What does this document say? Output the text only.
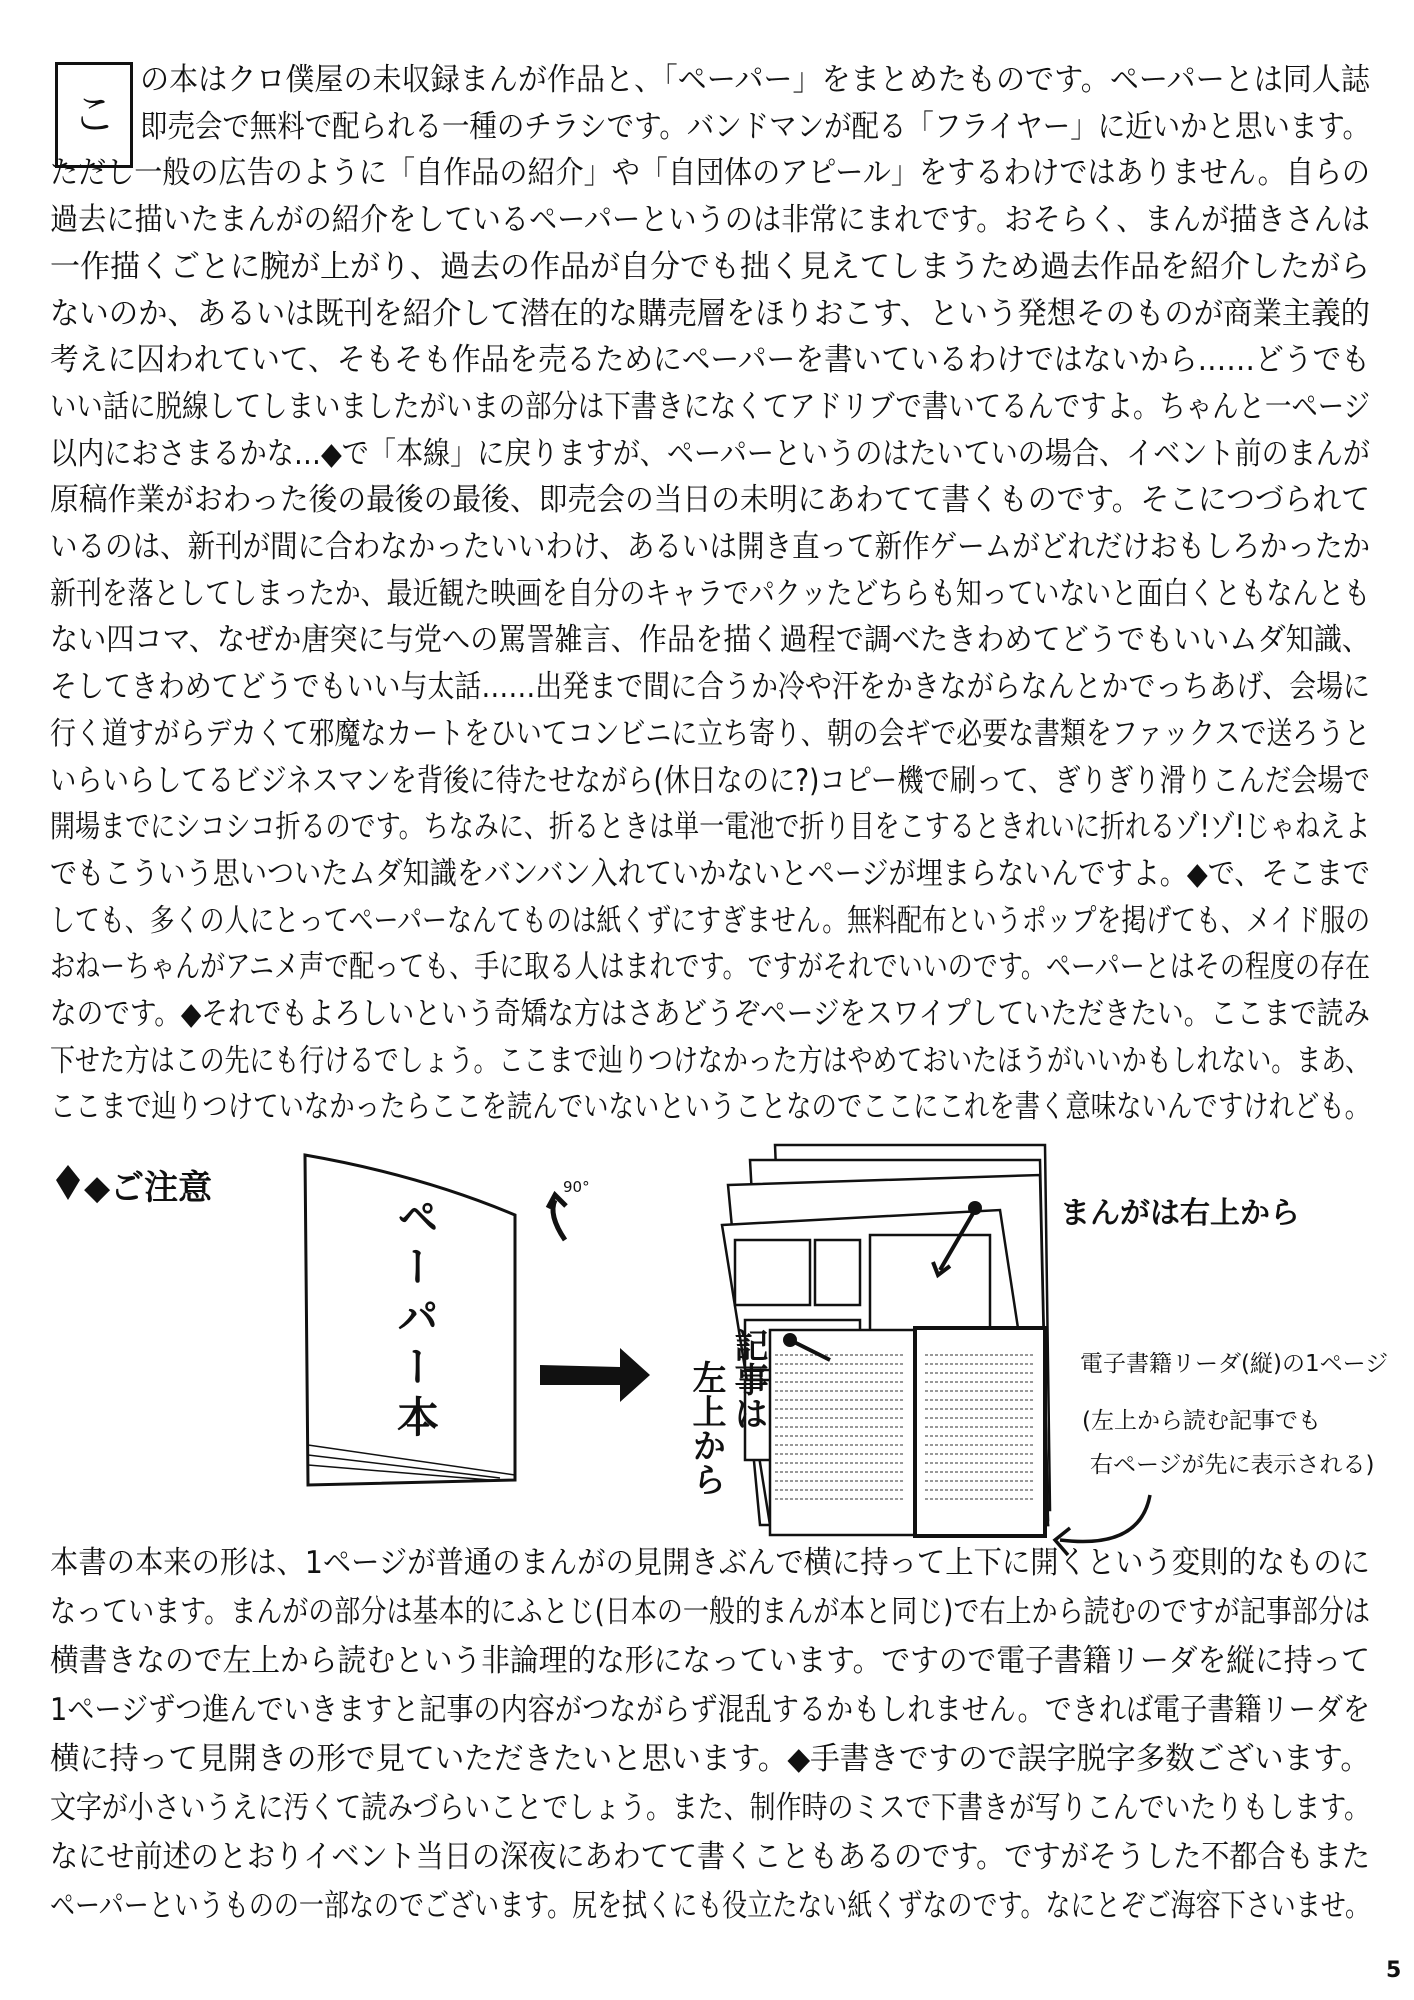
こ
の本はクロ僕屋の未収録まんが作品と、「ペーパー」をまとめたものです。ペーパーとは同人誌
即売会で無料で配られる一種のチラシです。バンドマンが配る「フライヤー」に近いかと思います。
ただし一般の広告のように「自作品の紹介」や「自団体のアピール」をするわけではありません。自らの
過去に描いたまんがの紹介をしているペーパーというのは非常にまれです。おそらく、まんが描きさんは
一作描くごとに腕が上がり、過去の作品が自分でも拙く見えてしまうため過去作品を紹介したがら
ないのか、あるいは既刊を紹介して潜在的な購売層をほりおこす、という発想そのものが商業主義的
考えに囚われていて、そもそも作品を売るためにペーパーを書いているわけではないから……どうでも
いい話に脱線してしまいましたがいまの部分は下書きになくてアドリブで書いてるんですよ。ちゃんと一ページ
以内におさまるかな…◆で「本線」に戻りますが、ペーパーというのはたいていの場合、イベント前のまんが
原稿作業がおわった後の最後の最後、即売会の当日の未明にあわてて書くものです。そこにつづられて
いるのは、新刊が間に合わなかったいいわけ、あるいは開き直って新作ゲームがどれだけおもしろかったか
新刊を落としてしまったか、最近観た映画を自分のキャラでパクッたどちらも知っていないと面白くともなんとも
ない四コマ、なぜか唐突に与党への罵詈雑言、作品を描く過程で調べたきわめてどうでもいいムダ知識、
そしてきわめてどうでもいい与太話……出発まで間に合うか冷や汗をかきながらなんとかでっちあげ、会場に
行く道すがらデカくて邪魔なカートをひいてコンビニに立ち寄り、朝の会ギで必要な書類をファックスで送ろうと
いらいらしてるビジネスマンを背後に待たせながら(休日なのに?)コピー機で刷って、ぎりぎり滑りこんだ会場で
開場までにシコシコ折るのです。ちなみに、折るときは単一電池で折り目をこするときれいに折れるゾ!ゾ!じゃねえよ
でもこういう思いついたムダ知識をバンバン入れていかないとページが埋まらないんですよ。◆で、そこまで
しても、多くの人にとってペーパーなんてものは紙くずにすぎません。無料配布というポップを掲げても、メイド服の
おねーちゃんがアニメ声で配っても、手に取る人はまれです。ですがそれでいいのです。ペーパーとはその程度の存在
なのです。◆それでもよろしいという奇矯な方はさあどうぞページをスワイプしていただきたい。ここまで読み
下せた方はこの先にも行けるでしょう。ここまで辿りつけなかった方はやめておいたほうがいいかもしれない。まあ、
ここまで辿りつけていなかったらここを読んでいないということなのでここにこれを書く意味ないんですけれども。
◆ご注意
ペーパー本
90°
まんがは右上から
記事は
左上から	電子書籍リーダ(縦)の1ページ
(左上から読む記事でも
右ページが先に表示される)
本書の本来の形は、1ページが普通のまんがの見開きぶんで横に持って上下に開くという変則的なものに
なっています。まんがの部分は基本的にふとじ(日本の一般的まんが本と同じ)で右上から読むのですが記事部分は
横書きなので左上から読むという非論理的な形になっています。ですので電子書籍リーダを縦に持って
1ページずつ進んでいきますと記事の内容がつながらず混乱するかもしれません。できれば電子書籍リーダを
横に持って見開きの形で見ていただきたいと思います。◆手書きですので誤字脱字多数ございます。
文字が小さいうえに汚くて読みづらいことでしょう。また、制作時のミスで下書きが写りこんでいたりもします。
なにせ前述のとおりイベント当日の深夜にあわてて書くこともあるのです。ですがそうした不都合もまた
ペーパーというものの一部なのでございます。尻を拭くにも役立たない紙くずなのです。なにとぞご海容下さいませ。
5
